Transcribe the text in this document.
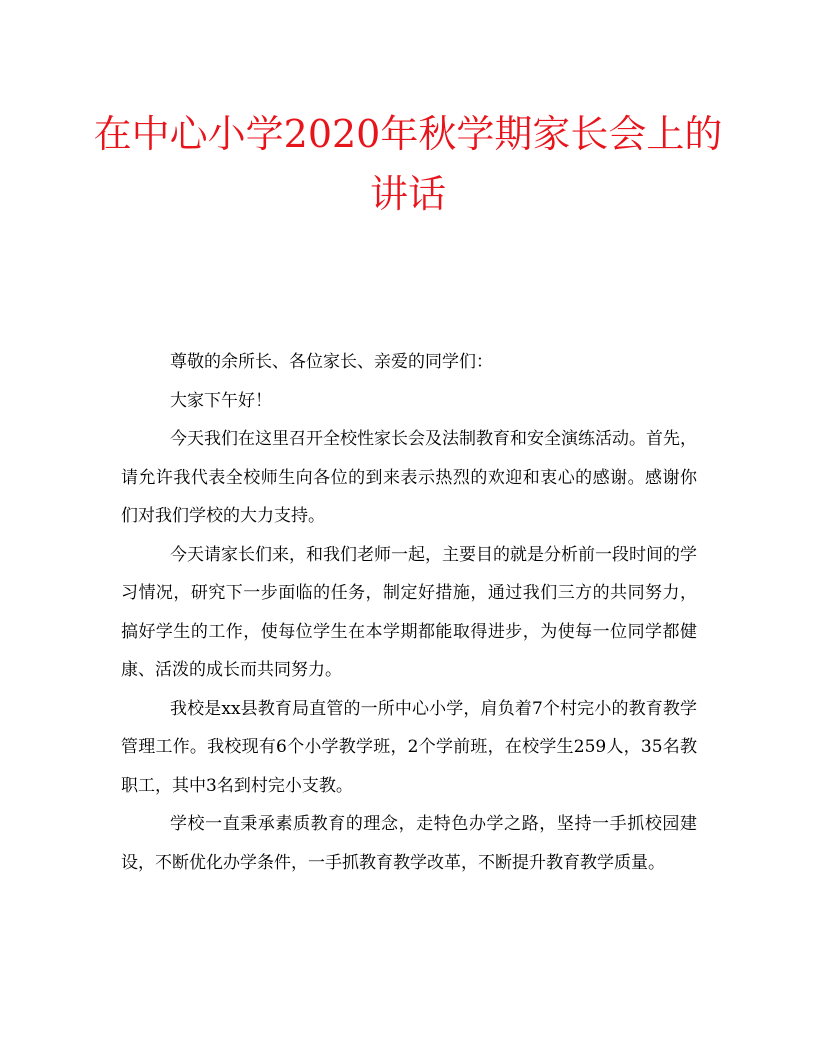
在中心小学2020年秋学期家长会上的讲话

尊敬的余所长、各位家长、亲爱的同学们：

大家下午好！

今天我们在这里召开全校性家长会及法制教育和安全演练活动。首先，请允许我代表全校师生向各位的到来表示热烈的欢迎和衷心的感谢。感谢你们对我们学校的大力支持。

今天请家长们来，和我们老师一起，主要目的就是分析前一段时间的学习情况，研究下一步面临的任务，制定好措施，通过我们三方的共同努力，搞好学生的工作，使每位学生在本学期都能取得进步，为使每一位同学都健康、活泼的成长而共同努力。

我校是xx县教育局直管的一所中心小学，肩负着7个村完小的教育教学管理工作。我校现有6个小学教学班，2个学前班，在校学生259人，35名教职工，其中3名到村完小支教。

学校一直秉承素质教育的理念，走特色办学之路，坚持一手抓校园建设，不断优化办学条件，一手抓教育教学改革，不断提升教育教学质量。
